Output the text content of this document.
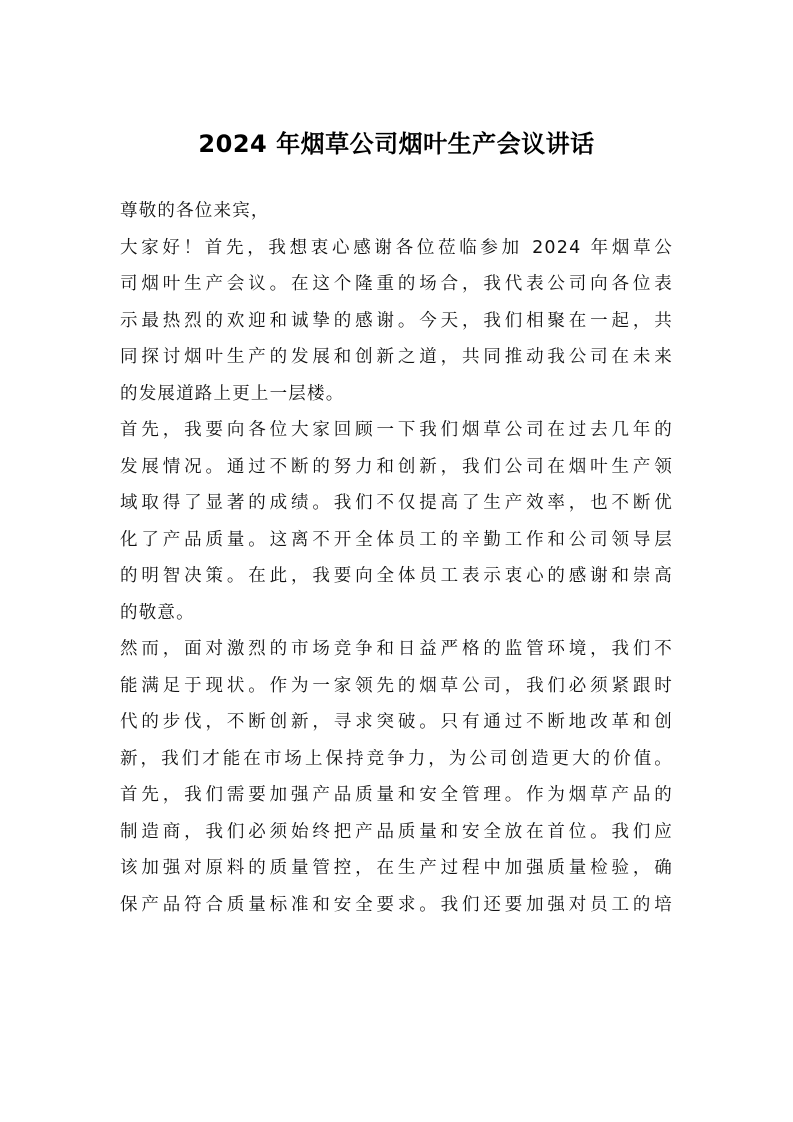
2024 年烟草公司烟叶生产会议讲话

尊敬的各位来宾，

大家好！首先，我想衷心感谢各位莅临参加 2024 年烟草公
司烟叶生产会议。在这个隆重的场合，我代表公司向各位表
示最热烈的欢迎和诚挚的感谢。今天，我们相聚在一起，共
同探讨烟叶生产的发展和创新之道，共同推动我公司在未来
的发展道路上更上一层楼。

首先，我要向各位大家回顾一下我们烟草公司在过去几年的
发展情况。通过不断的努力和创新，我们公司在烟叶生产领
域取得了显著的成绩。我们不仅提高了生产效率，也不断优
化了产品质量。这离不开全体员工的辛勤工作和公司领导层
的明智决策。在此，我要向全体员工表示衷心的感谢和崇高
的敬意。

然而，面对激烈的市场竞争和日益严格的监管环境，我们不
能满足于现状。作为一家领先的烟草公司，我们必须紧跟时
代的步伐，不断创新，寻求突破。只有通过不断地改革和创
新，我们才能在市场上保持竞争力，为公司创造更大的价值。

首先，我们需要加强产品质量和安全管理。作为烟草产品的
制造商，我们必须始终把产品质量和安全放在首位。我们应
该加强对原料的质量管控，在生产过程中加强质量检验，确
保产品符合质量标准和安全要求。我们还要加强对员工的培
